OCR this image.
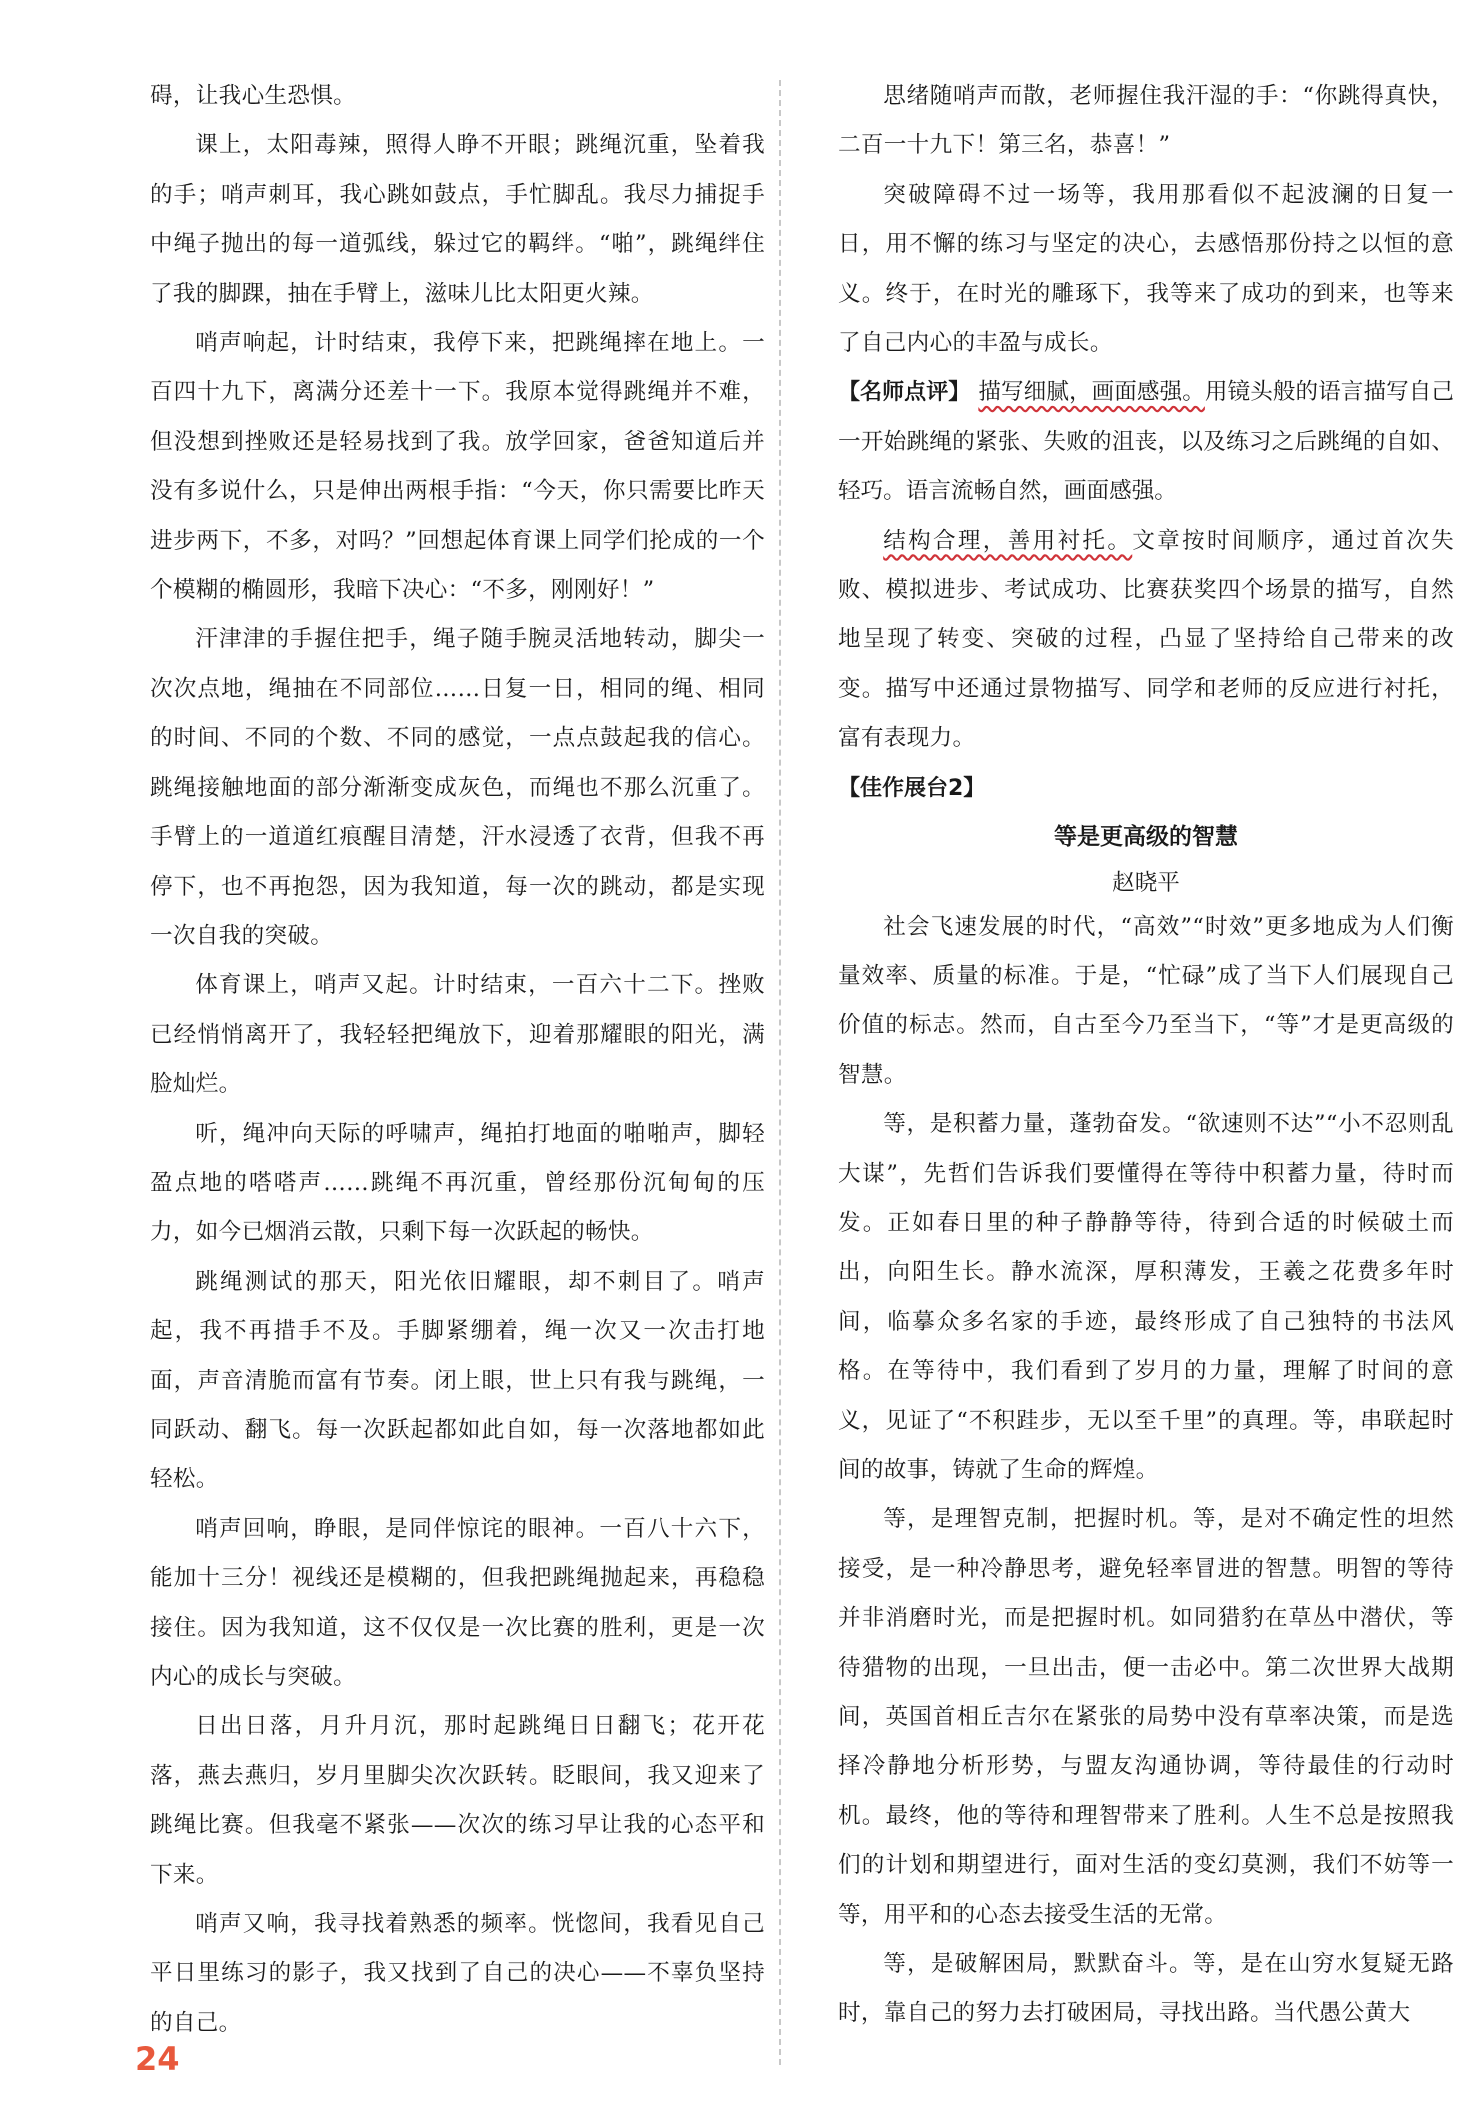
碍，让我心生恐惧。

课上，太阳毒辣，照得人睁不开眼；跳绳沉重，坠着我的手；哨声刺耳，我心跳如鼓点，手忙脚乱。我尽力捕捉手中绳子抛出的每一道弧线，躲过它的羁绊。“啪”，跳绳绊住了我的脚踝，抽在手臂上，滋味儿比太阳更火辣。

哨声响起，计时结束，我停下来，把跳绳摔在地上。一百四十九下，离满分还差十一下。我原本觉得跳绳并不难，但没想到挫败还是轻易找到了我。放学回家，爸爸知道后并没有多说什么，只是伸出两根手指：“今天，你只需要比昨天进步两下，不多，对吗？”回想起体育课上同学们抡成的一个个模糊的椭圆形，我暗下决心：“不多，刚刚好！”

汗津津的手握住把手，绳子随手腕灵活地转动，脚尖一次次点地，绳抽在不同部位……日复一日，相同的绳、相同的时间、不同的个数、不同的感觉，一点点鼓起我的信心。跳绳接触地面的部分渐渐变成灰色，而绳也不那么沉重了。手臂上的一道道红痕醒目清楚，汗水浸透了衣背，但我不再停下，也不再抱怨，因为我知道，每一次的跳动，都是实现一次自我的突破。

体育课上，哨声又起。计时结束，一百六十二下。挫败已经悄悄离开了，我轻轻把绳放下，迎着那耀眼的阳光，满脸灿烂。

听，绳冲向天际的呼啸声，绳拍打地面的啪啪声，脚轻盈点地的嗒嗒声……跳绳不再沉重，曾经那份沉甸甸的压力，如今已烟消云散，只剩下每一次跃起的畅快。

跳绳测试的那天，阳光依旧耀眼，却不刺目了。哨声起，我不再措手不及。手脚紧绷着，绳一次又一次击打地面，声音清脆而富有节奏。闭上眼，世上只有我与跳绳，一同跃动、翻飞。每一次跃起都如此自如，每一次落地都如此轻松。

哨声回响，睁眼，是同伴惊诧的眼神。一百八十六下，能加十三分！视线还是模糊的，但我把跳绳抛起来，再稳稳接住。因为我知道，这不仅仅是一次比赛的胜利，更是一次内心的成长与突破。

日出日落，月升月沉，那时起跳绳日日翻飞；花开花落，燕去燕归，岁月里脚尖次次跃转。眨眼间，我又迎来了跳绳比赛。但我毫不紧张——次次的练习早让我的心态平和下来。

哨声又响，我寻找着熟悉的频率。恍惚间，我看见自己平日里练习的影子，我又找到了自己的决心——不辜负坚持的自己。

思绪随哨声而散，老师握住我汗湿的手：“你跳得真快，二百一十九下！第三名，恭喜！”

突破障碍不过一场等，我用那看似不起波澜的日复一日，用不懈的练习与坚定的决心，去感悟那份持之以恒的意义。终于，在时光的雕琢下，我等来了成功的到来，也等来了自己内心的丰盈与成长。

【名师点评】 描写细腻，画面感强。用镜头般的语言描写自己一开始跳绳的紧张、失败的沮丧，以及练习之后跳绳的自如、轻巧。语言流畅自然，画面感强。

结构合理，善用衬托。文章按时间顺序，通过首次失败、模拟进步、考试成功、比赛获奖四个场景的描写，自然地呈现了转变、突破的过程，凸显了坚持给自己带来的改变。描写中还通过景物描写、同学和老师的反应进行衬托，富有表现力。

【佳作展台2】
等是更高级的智慧
赵晓平

社会飞速发展的时代，“高效”“时效”更多地成为人们衡量效率、质量的标准。于是，“忙碌”成了当下人们展现自己价值的标志。然而，自古至今乃至当下，“等”才是更高级的智慧。

等，是积蓄力量，蓬勃奋发。“欲速则不达”“小不忍则乱大谋”，先哲们告诉我们要懂得在等待中积蓄力量，待时而发。正如春日里的种子静静等待，待到合适的时候破土而出，向阳生长。静水流深，厚积薄发，王羲之花费多年时间，临摹众多名家的手迹，最终形成了自己独特的书法风格。在等待中，我们看到了岁月的力量，理解了时间的意义，见证了“不积跬步，无以至千里”的真理。等，串联起时间的故事，铸就了生命的辉煌。

等，是理智克制，把握时机。等，是对不确定性的坦然接受，是一种冷静思考，避免轻率冒进的智慧。明智的等待并非消磨时光，而是把握时机。如同猎豹在草丛中潜伏，等待猎物的出现，一旦出击，便一击必中。第二次世界大战期间，英国首相丘吉尔在紧张的局势中没有草率决策，而是选择冷静地分析形势，与盟友沟通协调，等待最佳的行动时机。最终，他的等待和理智带来了胜利。人生不总是按照我们的计划和期望进行，面对生活的变幻莫测，我们不妨等一等，用平和的心态去接受生活的无常。

等，是破解困局，默默奋斗。等，是在山穷水复疑无路时，靠自己的努力去打破困局，寻找出路。当代愚公黄大

24
